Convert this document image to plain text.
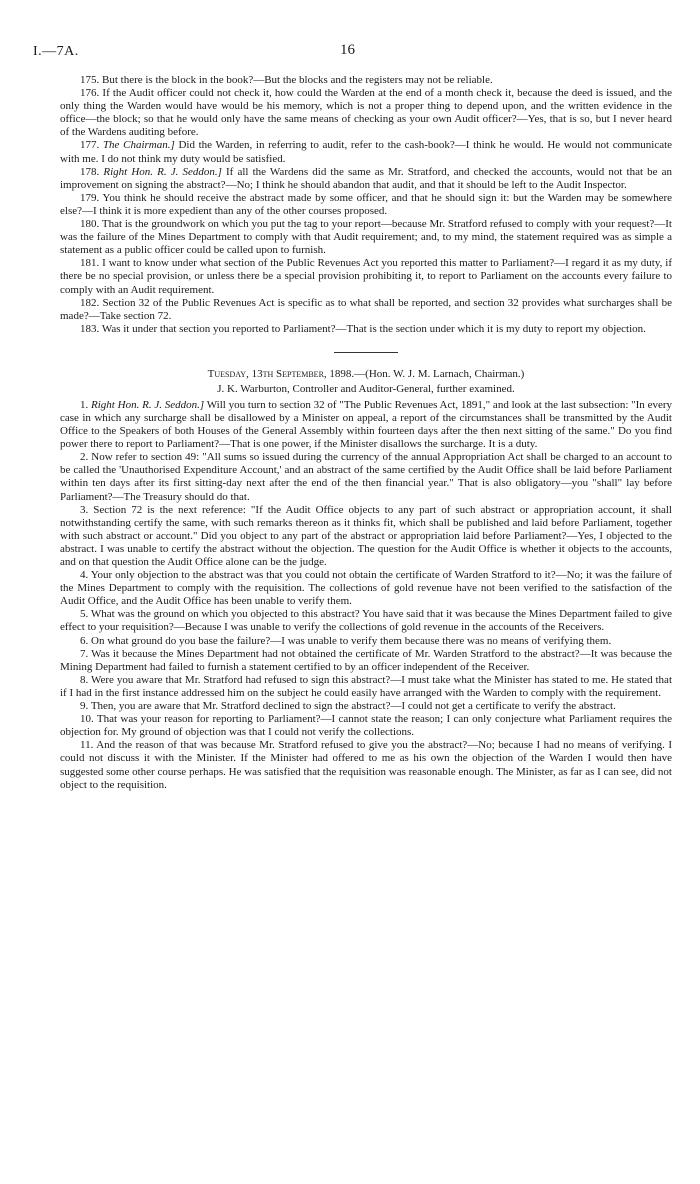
I.—7A.	16

175. But there is the block in the book?—But the blocks and the registers may not be reliable.

176. If the Audit officer could not check it, how could the Warden at the end of a month check it, because the deed is issued, and the only thing the Warden would have would be his memory, which is not a proper thing to depend upon, and the written evidence in the office—the block; so that he would only have the same means of checking as your own Audit officer?—Yes, that is so, but I never heard of the Wardens auditing before.

177. The Chairman.] Did the Warden, in referring to audit, refer to the cash-book?—I think he would. He would not communicate with me. I do not think my duty would be satisfied.

178. Right Hon. R. J. Seddon.] If all the Wardens did the same as Mr. Stratford, and checked the accounts, would not that be an improvement on signing the abstract?—No; I think he should abandon that audit, and that it should be left to the Audit Inspector.

179. You think he should receive the abstract made by some officer, and that he should sign it: but the Warden may be somewhere else?—I think it is more expedient than any of the other courses proposed.

180. That is the groundwork on which you put the tag to your report—because Mr. Stratford refused to comply with your request?—It was the failure of the Mines Department to comply with that Audit requirement; and, to my mind, the statement required was as simple a statement as a public officer could be called upon to furnish.

181. I want to know under what section of the Public Revenues Act you reported this matter to Parliament?—I regard it as my duty, if there be no special provision, or unless there be a special provision prohibiting it, to report to Parliament on the accounts every failure to comply with an Audit requirement.

182. Section 32 of the Public Revenues Act is specific as to what shall be reported, and section 32 provides what surcharges shall be made?—Take section 72.

183. Was it under that section you reported to Parliament?—That is the section under which it is my duty to report my objection.

Tuesday, 13th September, 1898.—(Hon. W. J. M. Larnach, Chairman.)

J. K. Warburton, Controller and Auditor-General, further examined.

1. Right Hon. R. J. Seddon.] Will you turn to section 32 of "The Public Revenues Act, 1891," and look at the last subsection: "In every case in which any surcharge shall be disallowed by a Minister on appeal, a report of the circumstances shall be transmitted by the Audit Office to the Speakers of both Houses of the General Assembly within fourteen days after the then next sitting of the same." Do you find power there to report to Parliament?—That is one power, if the Minister disallows the surcharge. It is a duty.

2. Now refer to section 49: "All sums so issued during the currency of the annual Appropriation Act shall be charged to an account to be called the 'Unauthorised Expenditure Account,' and an abstract of the same certified by the Audit Office shall be laid before Parliament within ten days after its first sitting-day next after the end of the then financial year." That is also obligatory—you "shall" lay before Parliament?—The Treasury should do that.

3. Section 72 is the next reference: "If the Audit Office objects to any part of such abstract or appropriation account, it shall notwithstanding certify the same, with such remarks thereon as it thinks fit, which shall be published and laid before Parliament, together with such abstract or account." Did you object to any part of the abstract or appropriation laid before Parliament?—Yes, I objected to the abstract. I was unable to certify the abstract without the objection. The question for the Audit Office is whether it objects to the accounts, and on that question the Audit Office alone can be the judge.

4. Your only objection to the abstract was that you could not obtain the certificate of Warden Stratford to it?—No; it was the failure of the Mines Department to comply with the requisition. The collections of gold revenue have not been verified to the satisfaction of the Audit Office, and the Audit Office has been unable to verify them.

5. What was the ground on which you objected to this abstract? You have said that it was because the Mines Department failed to give effect to your requisition?—Because I was unable to verify the collections of gold revenue in the accounts of the Receivers.

6. On what ground do you base the failure?—I was unable to verify them because there was no means of verifying them.

7. Was it because the Mines Department had not obtained the certificate of Mr. Warden Stratford to the abstract?—It was because the Mining Department had failed to furnish a statement certified to by an officer independent of the Receiver.

8. Were you aware that Mr. Stratford had refused to sign this abstract?—I must take what the Minister has stated to me. He stated that if I had in the first instance addressed him on the subject he could easily have arranged with the Warden to comply with the requirement.

9. Then, you are aware that Mr. Stratford declined to sign the abstract?—I could not get a certificate to verify the abstract.

10. That was your reason for reporting to Parliament?—I cannot state the reason; I can only conjecture what Parliament requires the objection for. My ground of objection was that I could not verify the collections.

11. And the reason of that was because Mr. Stratford refused to give you the abstract?—No; because I had no means of verifying. I could not discuss it with the Minister. If the Minister had offered to me as his own the objection of the Warden I would then have suggested some other course perhaps. He was satisfied that the requisition was reasonable enough. The Minister, as far as I can see, did not object to the requisition.
